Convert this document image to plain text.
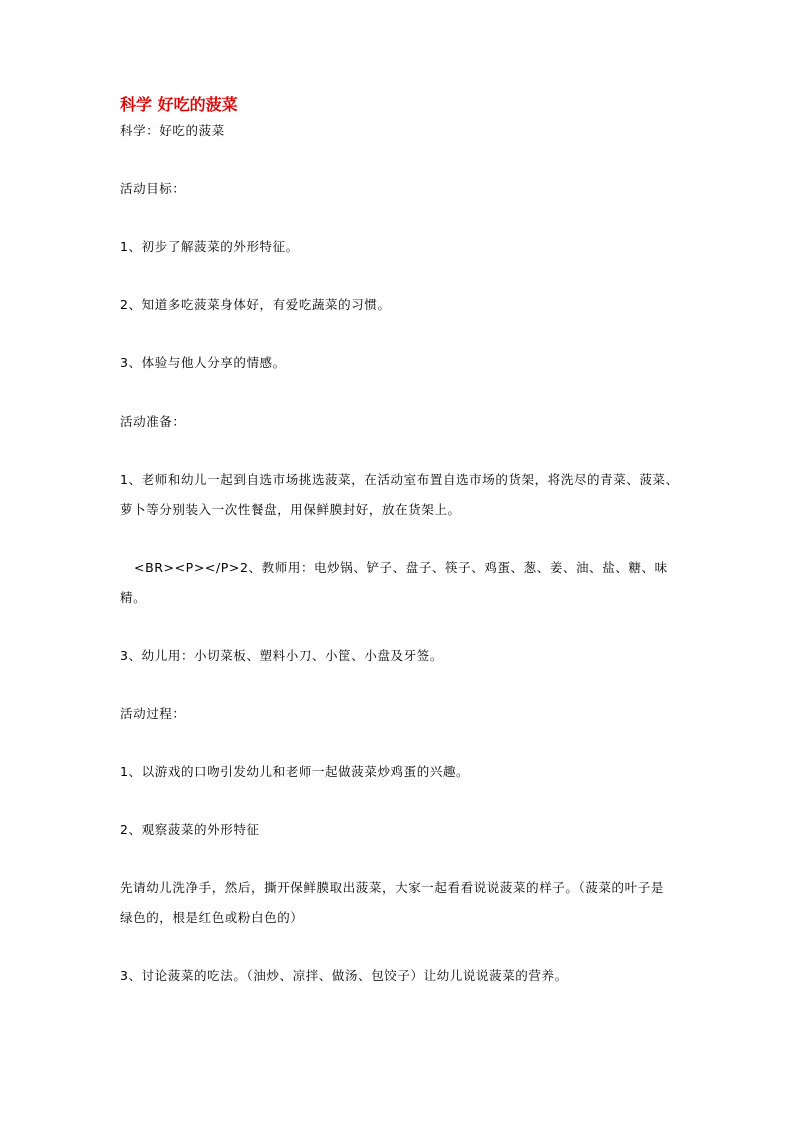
科学 好吃的菠菜
科学：好吃的菠菜
活动目标：
1、初步了解菠菜的外形特征。
2、知道多吃菠菜身体好，有爱吃蔬菜的习惯。
3、体验与他人分享的情感。
活动准备：
1、老师和幼儿一起到自选市场挑选菠菜，在活动室布置自选市场的货架，将洗尽的青菜、菠菜、
萝卜等分别装入一次性餐盘，用保鲜膜封好，放在货架上。
<BR><P></P>2、教师用：电炒锅、铲子、盘子、筷子、鸡蛋、葱、姜、油、盐、糖、味
精。
3、幼儿用：小切菜板、塑料小刀、小筐、小盘及牙签。
活动过程：
1、以游戏的口吻引发幼儿和老师一起做菠菜炒鸡蛋的兴趣。
2、观察菠菜的外形特征
先请幼儿洗净手，然后，撕开保鲜膜取出菠菜，大家一起看看说说菠菜的样子。（菠菜的叶子是
绿色的，根是红色或粉白色的）
3、讨论菠菜的吃法。（油炒、凉拌、做汤、包饺子）让幼儿说说菠菜的营养。
